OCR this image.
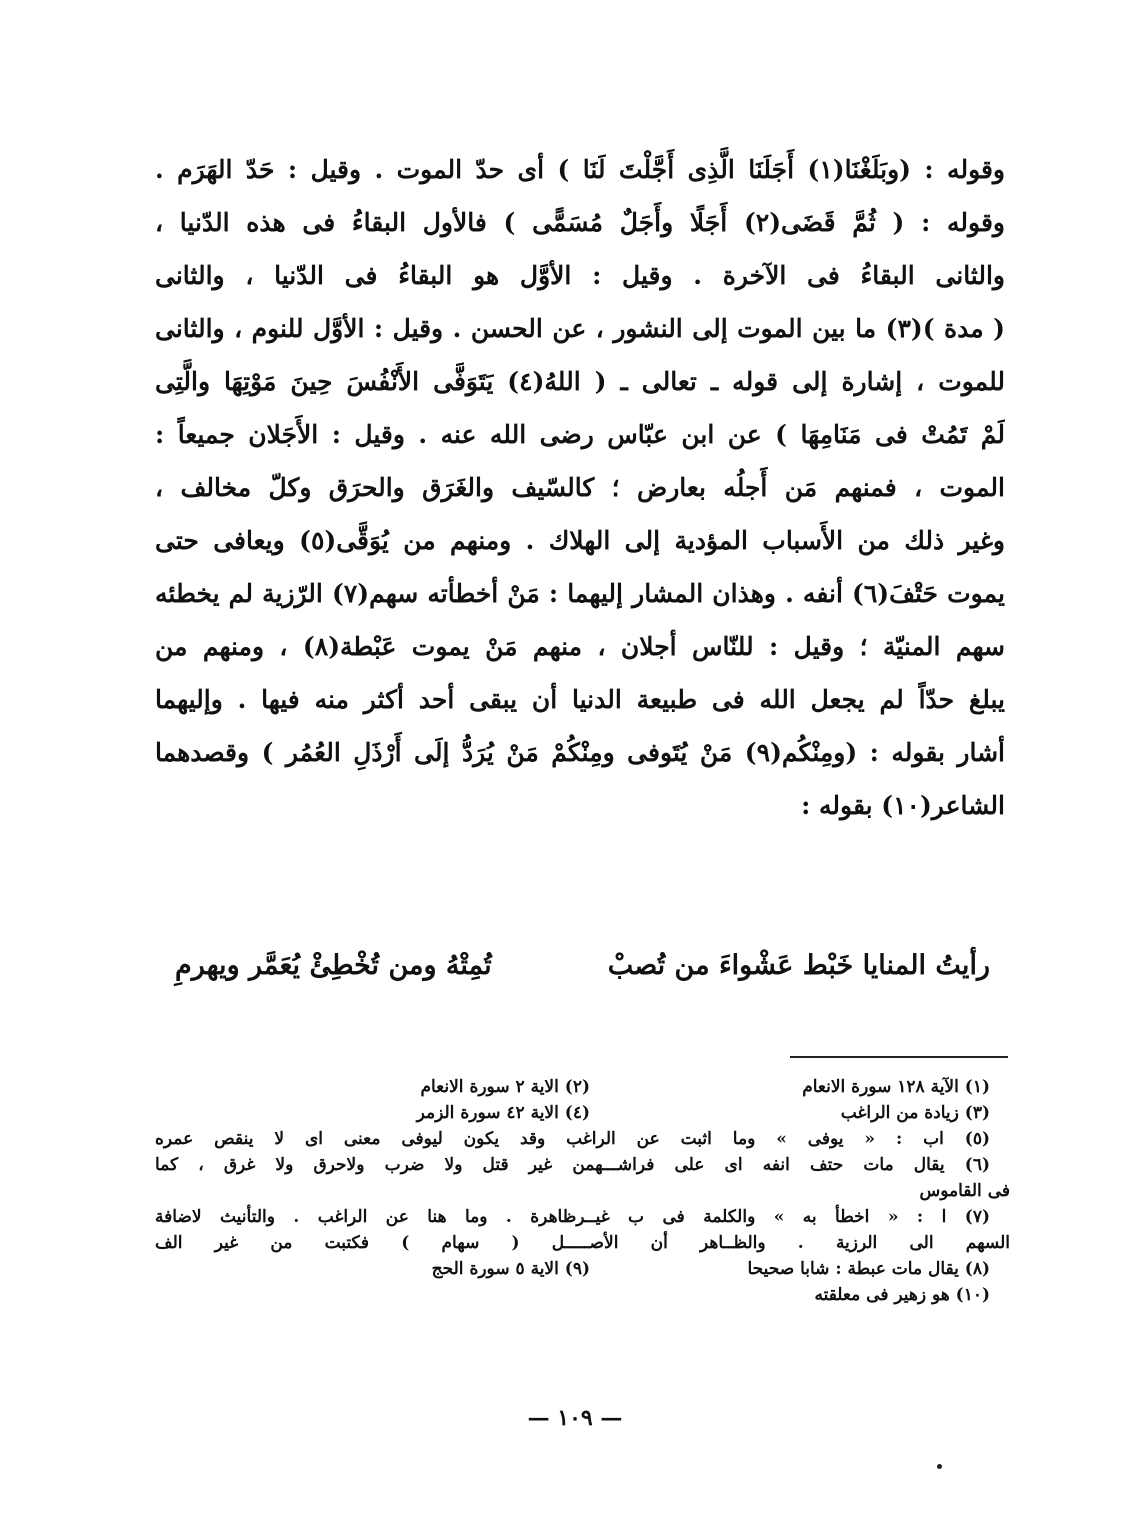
وقوله : (وبَلَغْنَا(١) أَجَلَنَا الَّذِى أَجَّلْتَ لَنَا ) أى حدّ الموت . وقيل : حَدّ الهَرَم .
وقوله : ( ثُمَّ قَضَى(٢) أَجَلًا وأَجَلٌ مُسَمًّى ) فالأول البقاءُ فى هذه الدّنيا ،
والثانى البقاءُ فى الآخرة . وقيل : الأوَّل هو البقاءُ فى الدّنيا ، والثانى
( مدة )(٣) ما بين الموت إلى النشور ، عن الحسن . وقيل : الأوَّل للنوم ، والثانى
للموت ، إشارة إلى قوله ـ تعالى ـ ( اللهُ(٤) يَتَوَفَّى الأَنْفُسَ حِينَ مَوْتِهَا والَّتِى
لَمْ تَمُتْ فى مَنَامِهَا ) عن ابن عبّاس رضى الله عنه . وقيل : الأَجَلان جميعاً :
الموت ، فمنهم مَن أَجلُه بعارض ؛ كالسّيف والغَرَق والحرَق وكلّ مخالف ،
وغير ذلك من الأَسباب المؤدية إلى الهلاك . ومنهم من يُوَقَّى(٥) ويعافى حتى
يموت حَتْفَ(٦) أنفه . وهذان المشار إليهما : مَنْ أخطأته سهم(٧) الرّزية لم يخطئه
سهم المنيّة ؛ وقيل : للنّاس أجلان ، منهم مَنْ يموت عَبْطة(٨) ، ومنهم من
يبلغ حدّاً لم يجعل الله فى طبيعة الدنيا أن يبقى أحد أكثر منه فيها . وإليهما
أشار بقوله : (ومِنْكُم(٩) مَنْ يُتَوفى ومِنْكُمْ مَنْ يُرَدُّ إلَى أَرْذَلِ العُمُر ) وقصدهما
الشاعر(١٠) بقوله :
رأيتُ المنايا خَبْط عَشْواءَ من تُصبْ
تُمِتْهُ ومن تُخْطِئْ يُعَمَّر ويهرمِ
(١) الآية ١٢٨ سورة الانعام
(٢) الاية ٢ سورة الانعام
(٣) زيادة من الراغب
(٤) الاية ٤٢ سورة الزمر
(٥) اب : « يوفى » وما اثبت عن الراغب وقد يكون ليوفى معنى اى لا ينقص عمره
(٦) يقال مات حتف انفه اى على فراشـــهمن غير قتل ولا ضرب ولاحرق ولا غرق ، كما
فى القاموس
(٧) ا : « اخطأ به » والكلمة فى ب غيــرظاهرة . وما هنا عن الراغب . والتأنيث لاضافة
السهم الى الرزية . والظــاهر أن الأصـــــل ( سهام ) فكتبت من غير الف
(٨) يقال مات عبطة : شابا صحيحا
(٩) الاية ٥ سورة الحج
(١٠) هو زهير فى معلقته
— ١٠٩ —
